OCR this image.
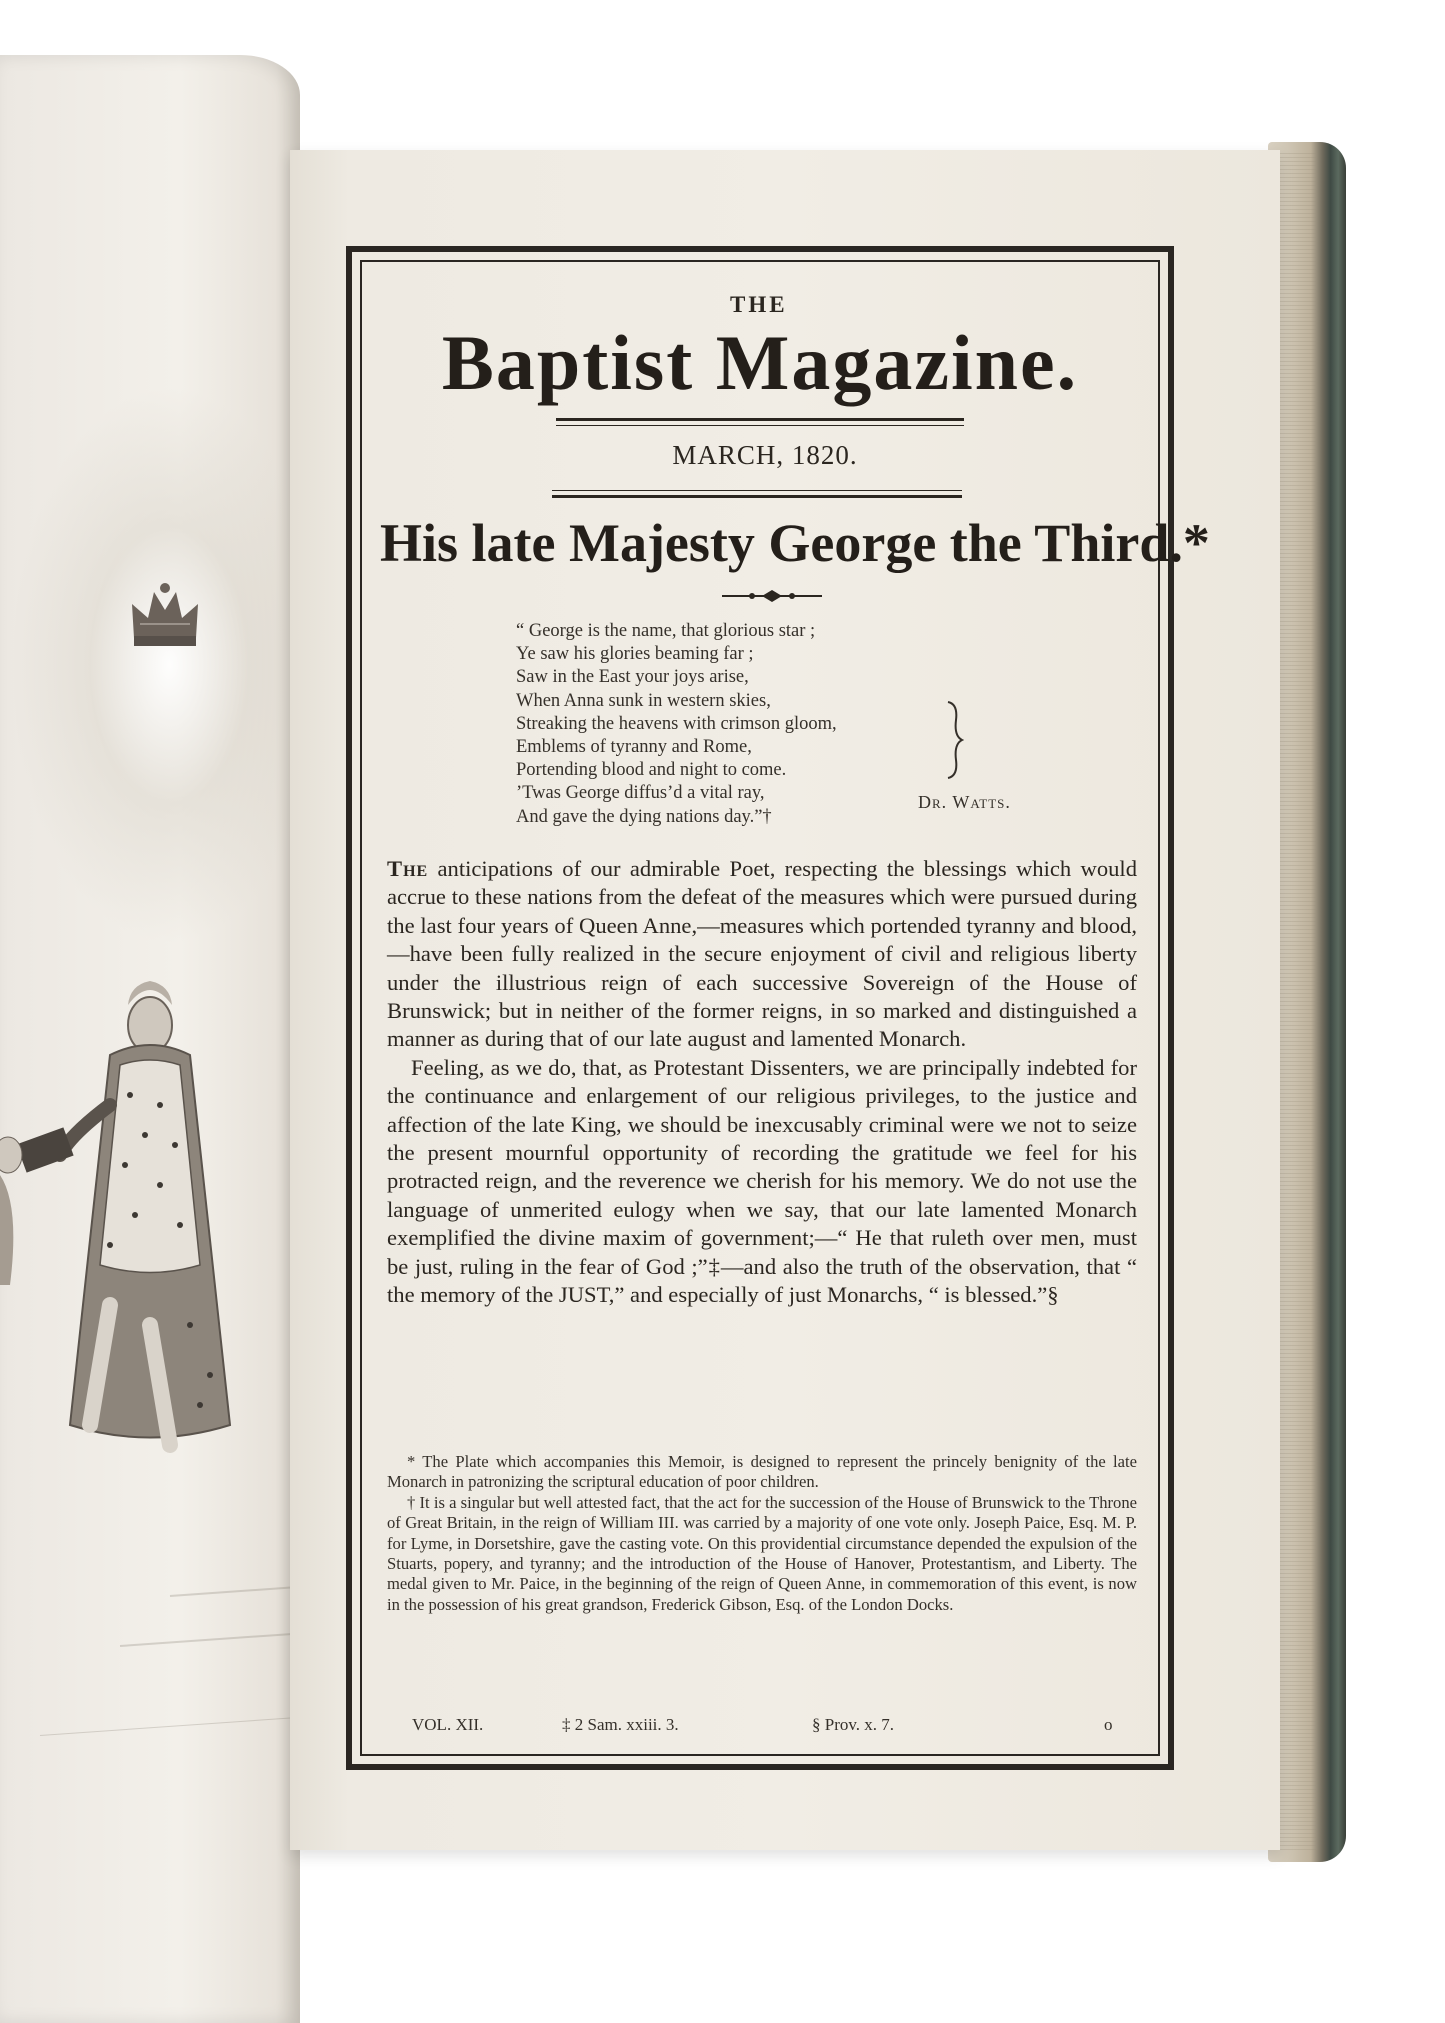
THE
Baptist Magazine.
MARCH, 1820.
His late Majesty George the Third.*
“ George is the name, that glorious star ;
Ye saw his glories beaming far ;
Saw in the East your joys arise,
When Anna sunk in western skies,
Streaking the heavens with crimson gloom,
Emblems of tyranny and Rome,
Portending blood and night to come.
’Twas George diffus’d a vital ray,
And gave the dying nations day.”†
Dr. Watts.

The anticipations of our admirable Poet, respecting the blessings which would accrue to these nations from the defeat of the measures which were pursued during the last four years of Queen Anne,—measures which portended tyranny and blood,—have been fully realized in the secure enjoyment of civil and religious liberty under the illustrious reign of each successive Sovereign of the House of Brunswick; but in neither of the former reigns, in so marked and distinguished a manner as during that of our late august and lamented Monarch.

Feeling, as we do, that, as Protestant Dissenters, we are principally indebted for the continuance and enlargement of our religious privileges, to the justice and affection of the late King, we should be inexcusably criminal were we not to seize the present mournful opportunity of recording the gratitude we feel for his protracted reign, and the reverence we cherish for his memory. We do not use the language of unmerited eulogy when we say, that our late lamented Monarch exemplified the divine maxim of government;—“ He that ruleth over men, must be just, ruling in the fear of God ;”‡—and also the truth of the observation, that “ the memory of the JUST,” and especially of just Monarchs, “ is blessed.”§

* The Plate which accompanies this Memoir, is designed to represent the princely benignity of the late Monarch in patronizing the scriptural education of poor children.

† It is a singular but well attested fact, that the act for the succession of the House of Brunswick to the Throne of Great Britain, in the reign of William III. was carried by a majority of one vote only. Joseph Paice, Esq. M. P. for Lyme, in Dorsetshire, gave the casting vote. On this providential circumstance depended the expulsion of the Stuarts, popery, and tyranny; and the introduction of the House of Hanover, Protestantism, and Liberty. The medal given to Mr. Paice, in the beginning of the reign of Queen Anne, in commemoration of this event, is now in the possession of his great grandson, Frederick Gibson, Esq. of the London Docks.

VOL. XII.	‡ 2 Sam. xxiii. 3.	§ Prov. x. 7.	o
